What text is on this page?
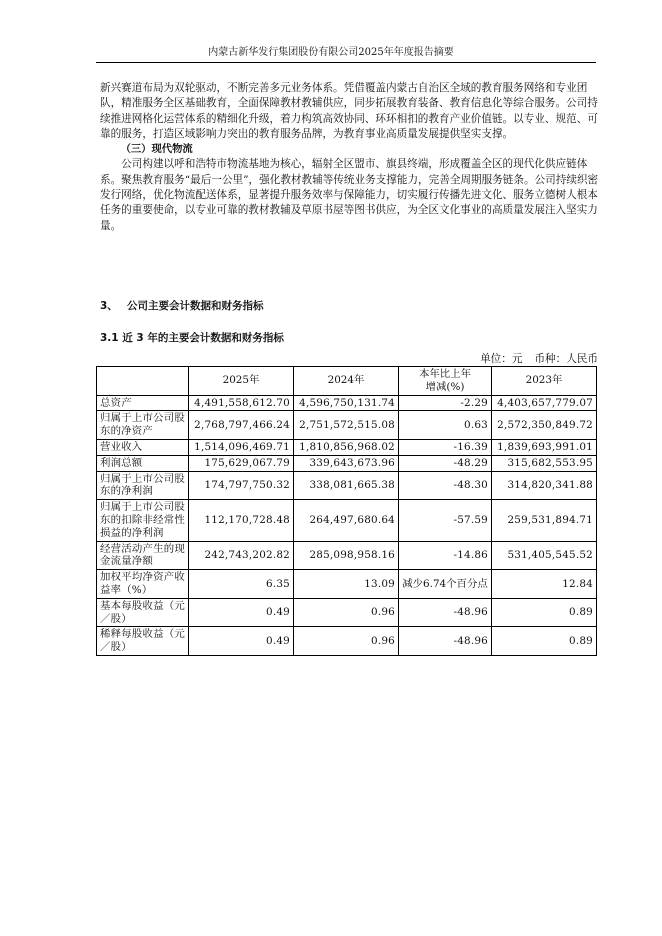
内蒙古新华发行集团股份有限公司2025年年度报告摘要

新兴赛道布局为双轮驱动，不断完善多元业务体系。凭借覆盖内蒙古自治区全域的教育服务网络和专业团队，精准服务全区基础教育，全面保障教材教辅供应，同步拓展教育装备、教育信息化等综合服务。公司持续推进网格化运营体系的精细化升级，着力构筑高效协同、环环相扣的教育产业价值链。以专业、规范、可靠的服务，打造区域影响力突出的教育服务品牌，为教育事业高质量发展提供坚实支撑。

（三）现代物流

公司构建以呼和浩特市物流基地为核心，辐射全区盟市、旗县终端，形成覆盖全区的现代化供应链体系。聚焦教育服务“最后一公里”，强化教材教辅等传统业务支撑能力，完善全周期服务链条。公司持续织密发行网络，优化物流配送体系，显著提升服务效率与保障能力，切实履行传播先进文化、服务立德树人根本任务的重要使命，以专业可靠的教材教辅及草原书屋等图书供应，为全区文化事业的高质量发展注入坚实力量。

3、 公司主要会计数据和财务指标
3.1 近 3 年的主要会计数据和财务指标
单位：元 币种：人民币
	2025年	2024年	本年比上年
增减(%)	2023年
总资产	4,491,558,612.70	4,596,750,131.74	-2.29	4,403,657,779.07
归属于上市公司股东的净资产	2,768,797,466.24	2,751,572,515.08	0.63	2,572,350,849.72
营业收入	1,514,096,469.71	1,810,856,968.02	-16.39	1,839,693,991.01
利润总额	175,629,067.79	339,643,673.96	-48.29	315,682,553.95
归属于上市公司股东的净利润	174,797,750.32	338,081,665.38	-48.30	314,820,341.88
归属于上市公司股东的扣除非经常性损益的净利润	112,170,728.48	264,497,680.64	-57.59	259,531,894.71
经营活动产生的现金流量净额	242,743,202.82	285,098,958.16	-14.86	531,405,545.52
加权平均净资产收益率（%）	6.35	13.09	减少6.74个百分点	12.84
基本每股收益（元／股）	0.49	0.96	-48.96	0.89
稀释每股收益（元／股）	0.49	0.96	-48.96	0.89
